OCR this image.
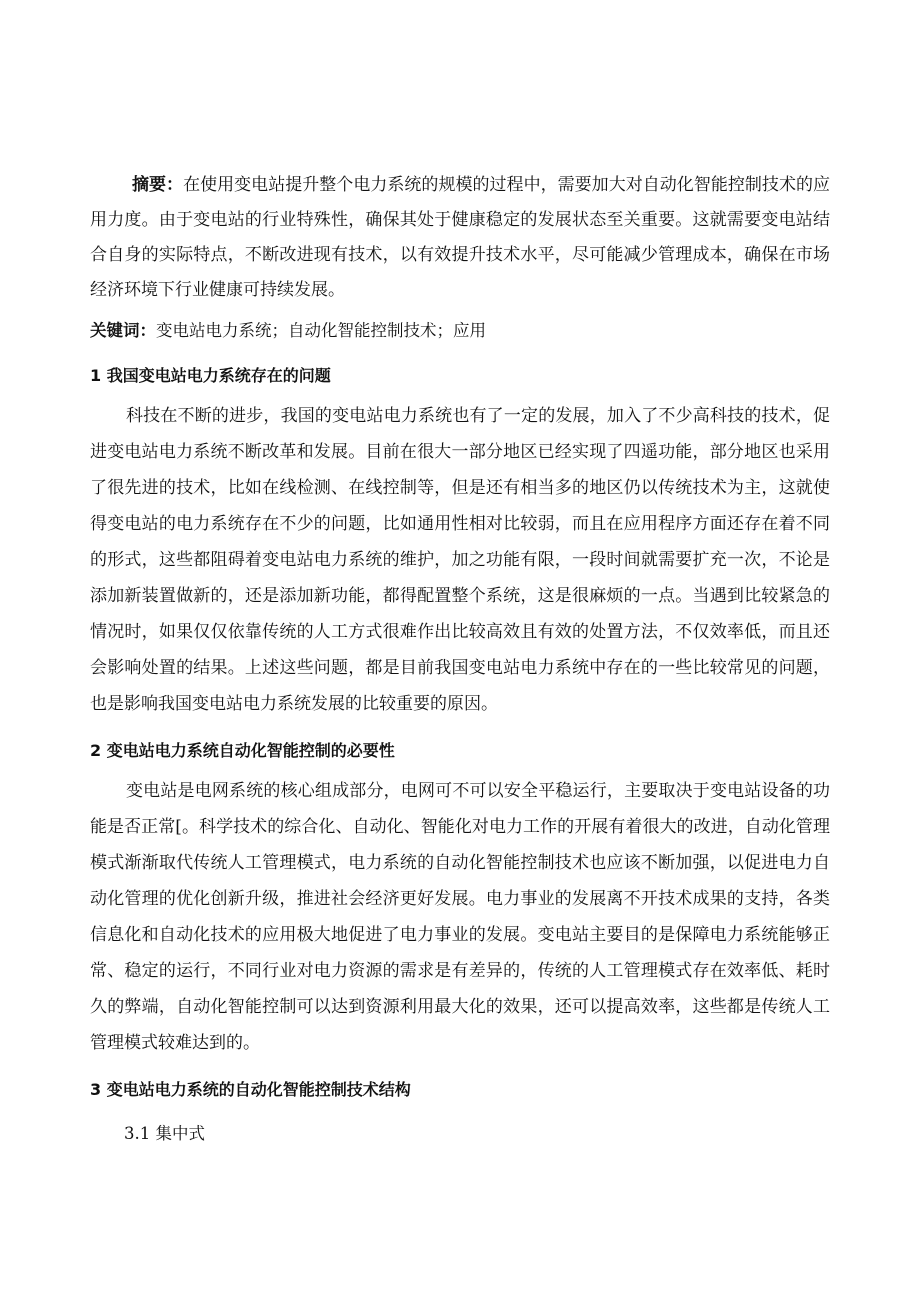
摘要：在使用变电站提升整个电力系统的规模的过程中，需要加大对自动化智能控制技术的应用力度。由于变电站的行业特殊性，确保其处于健康稳定的发展状态至关重要。这就需要变电站结合自身的实际特点，不断改进现有技术，以有效提升技术水平，尽可能减少管理成本，确保在市场经济环境下行业健康可持续发展。

关键词：变电站电力系统；自动化智能控制技术；应用

1 我国变电站电力系统存在的问题

科技在不断的进步，我国的变电站电力系统也有了一定的发展，加入了不少高科技的技术，促进变电站电力系统不断改革和发展。目前在很大一部分地区已经实现了四遥功能，部分地区也采用了很先进的技术，比如在线检测、在线控制等，但是还有相当多的地区仍以传统技术为主，这就使得变电站的电力系统存在不少的问题，比如通用性相对比较弱，而且在应用程序方面还存在着不同的形式，这些都阻碍着变电站电力系统的维护，加之功能有限，一段时间就需要扩充一次，不论是添加新装置做新的，还是添加新功能，都得配置整个系统，这是很麻烦的一点。当遇到比较紧急的情况时，如果仅仅依靠传统的人工方式很难作出比较高效且有效的处置方法，不仅效率低，而且还会影响处置的结果。上述这些问题，都是目前我国变电站电力系统中存在的一些比较常见的问题，也是影响我国变电站电力系统发展的比较重要的原因。

2 变电站电力系统自动化智能控制的必要性

变电站是电网系统的核心组成部分，电网可不可以安全平稳运行，主要取决于变电站设备的功能是否正常[。科学技术的综合化、自动化、智能化对电力工作的开展有着很大的改进，自动化管理模式渐渐取代传统人工管理模式，电力系统的自动化智能控制技术也应该不断加强，以促进电力自动化管理的优化创新升级，推进社会经济更好发展。电力事业的发展离不开技术成果的支持，各类信息化和自动化技术的应用极大地促进了电力事业的发展。变电站主要目的是保障电力系统能够正常、稳定的运行，不同行业对电力资源的需求是有差异的，传统的人工管理模式存在效率低、耗时久的弊端，自动化智能控制可以达到资源利用最大化的效果，还可以提高效率，这些都是传统人工管理模式较难达到的。

3 变电站电力系统的自动化智能控制技术结构
3.1 集中式
